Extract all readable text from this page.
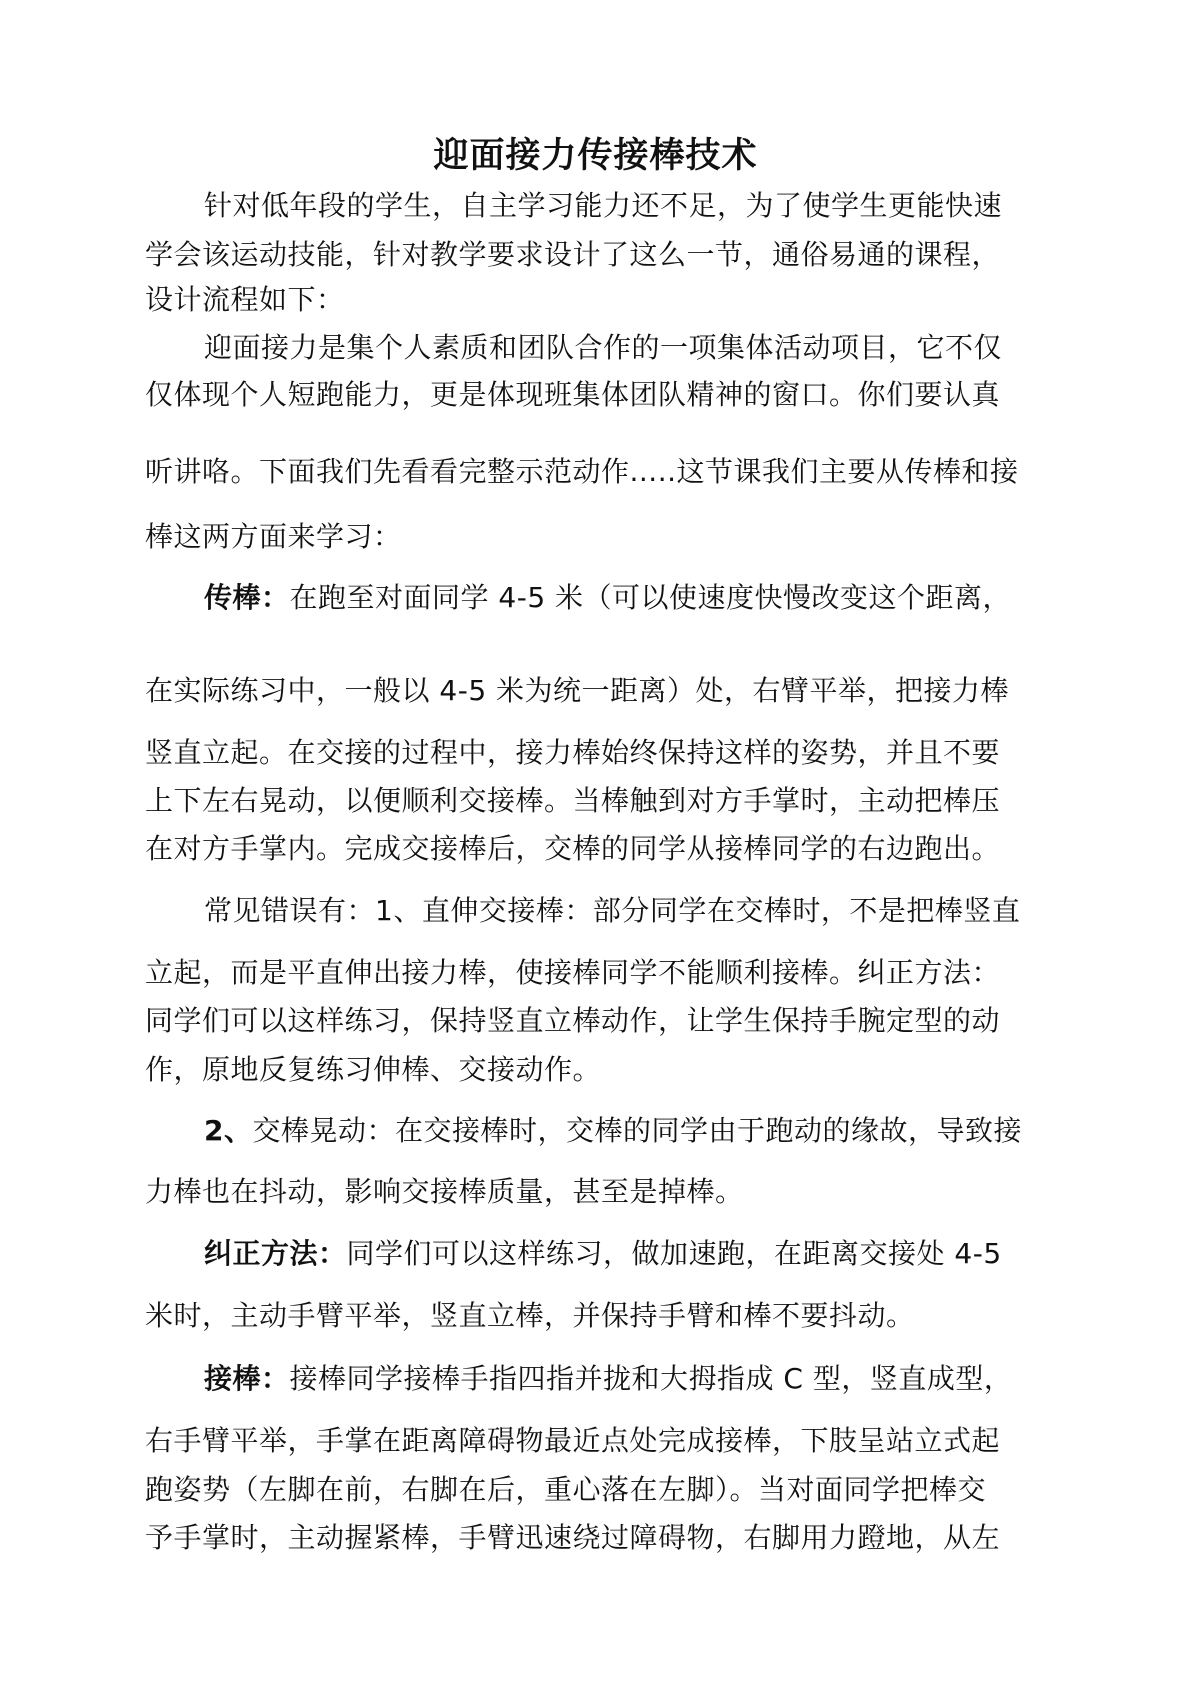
迎面接力传接棒技术

针对低年段的学生，自主学习能力还不足，为了使学生更能快速

学会该运动技能，针对教学要求设计了这么一节，通俗易通的课程，

设计流程如下：

迎面接力是集个人素质和团队合作的一项集体活动项目，它不仅

仅体现个人短跑能力，更是体现班集体团队精神的窗口。你们要认真

听讲咯。下面我们先看看完整示范动作.....这节课我们主要从传棒和接

棒这两方面来学习：

传棒：在跑至对面同学 4-5 米（可以使速度快慢改变这个距离，

在实际练习中，一般以 4-5 米为统一距离）处，右臂平举，把接力棒

竖直立起。在交接的过程中，接力棒始终保持这样的姿势，并且不要

上下左右晃动，以便顺利交接棒。当棒触到对方手掌时，主动把棒压

在对方手掌内。完成交接棒后，交棒的同学从接棒同学的右边跑出。

常见错误有：1、直伸交接棒：部分同学在交棒时，不是把棒竖直

立起，而是平直伸出接力棒，使接棒同学不能顺利接棒。纠正方法：

同学们可以这样练习，保持竖直立棒动作，让学生保持手腕定型的动

作，原地反复练习伸棒、交接动作。

2、交棒晃动：在交接棒时，交棒的同学由于跑动的缘故，导致接

力棒也在抖动，影响交接棒质量，甚至是掉棒。

纠正方法：同学们可以这样练习，做加速跑，在距离交接处 4-5

米时，主动手臂平举，竖直立棒，并保持手臂和棒不要抖动。

接棒：接棒同学接棒手指四指并拢和大拇指成 C 型，竖直成型，

右手臂平举，手掌在距离障碍物最近点处完成接棒，下肢呈站立式起

跑姿势（左脚在前，右脚在后，重心落在左脚）。当对面同学把棒交

予手掌时，主动握紧棒，手臂迅速绕过障碍物，右脚用力蹬地，从左
